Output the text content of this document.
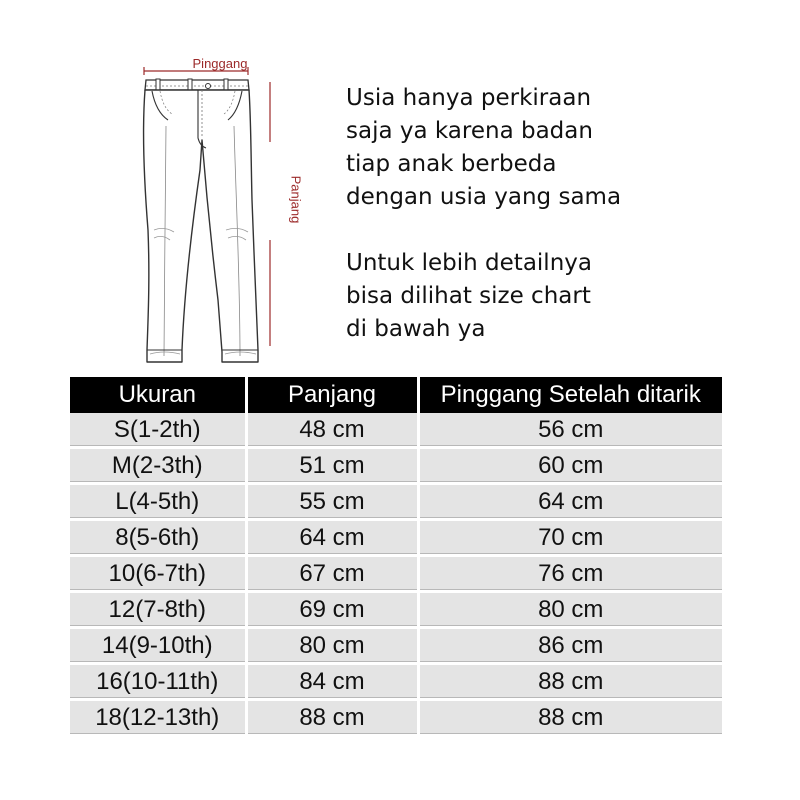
Pinggang
Panjang
Usia hanya perkiraan
saja ya karena badan
tiap anak berbeda
dengan usia yang sama
Untuk lebih detailnya
bisa dilihat size chart
di bawah ya
Ukuran	Panjang	Pinggang Setelah ditarik
S(1-2th)	48 cm	56 cm
M(2-3th)	51 cm	60 cm
L(4-5th)	55 cm	64 cm
8(5-6th)	64 cm	70 cm
10(6-7th)	67 cm	76 cm
12(7-8th)	69 cm	80 cm
14(9-10th)	80 cm	86 cm
16(10-11th)	84 cm	88 cm
18(12-13th)	88 cm	88 cm
